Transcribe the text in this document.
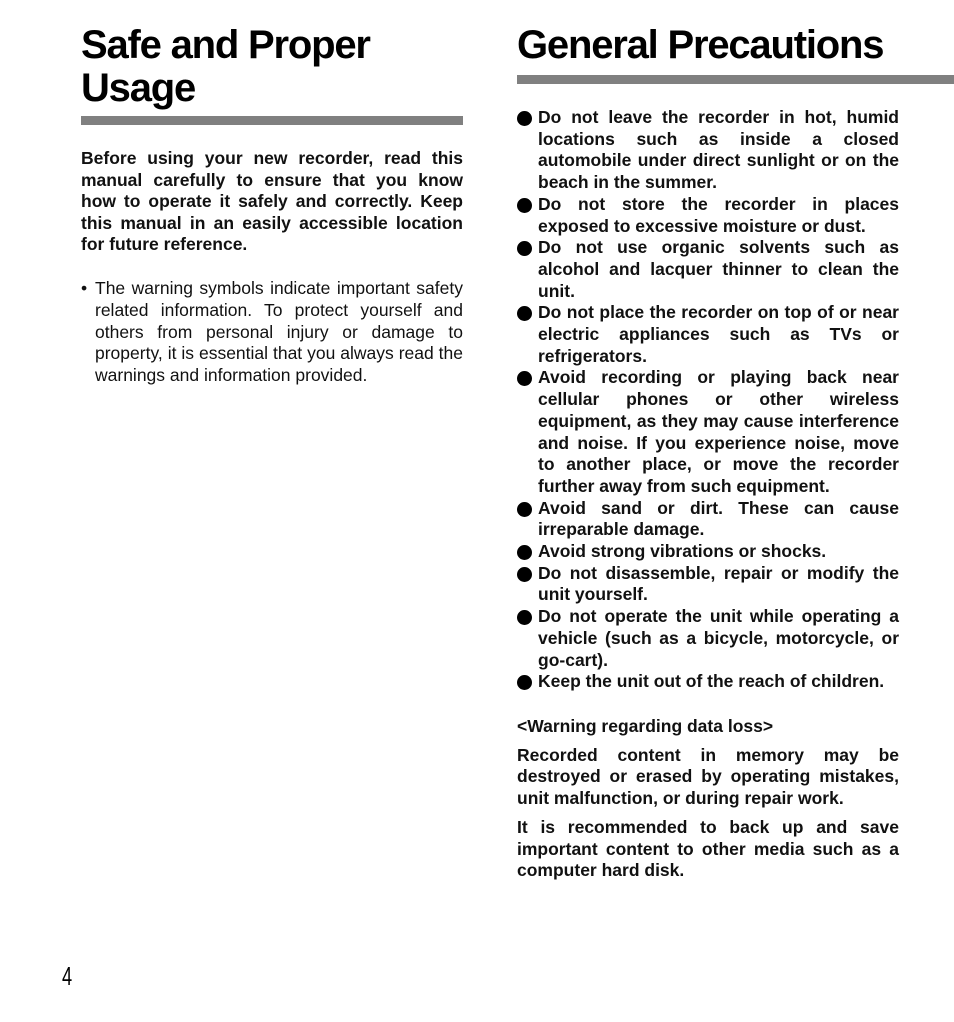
Safe and Proper Usage

Before using your new recorder, read this manual carefully to ensure that you know how to operate it safely and correctly. Keep this manual in an easily accessible location for future reference.

• The warning symbols indicate important safety related information. To protect yourself and others from personal injury or damage to property, it is essential that you always read the warnings and information provided.

General Precautions
Do not leave the recorder in hot, humid locations such as inside a closed automobile under direct sunlight or on the beach in the summer.
Do not store the recorder in places exposed to excessive moisture or dust.
Do not use organic solvents such as alcohol and lacquer thinner to clean the unit.
Do not place the recorder on top of or near electric appliances such as TVs or refrigerators.
Avoid recording or playing back near cellular phones or other wireless equipment, as they may cause interference and noise. If you experience noise, move to another place, or move the recorder further away from such equipment.
Avoid sand or dirt. These can cause irreparable damage.
Avoid strong vibrations or shocks.
Do not disassemble, repair or modify the unit yourself.
Do not operate the unit while operating a vehicle (such as a bicycle, motorcycle, or go-cart).
Keep the unit out of the reach of children.

<Warning regarding data loss>

Recorded content in memory may be destroyed or erased by operating mistakes, unit malfunction, or during repair work.

It is recommended to back up and save important content to other media such as a computer hard disk.

4
